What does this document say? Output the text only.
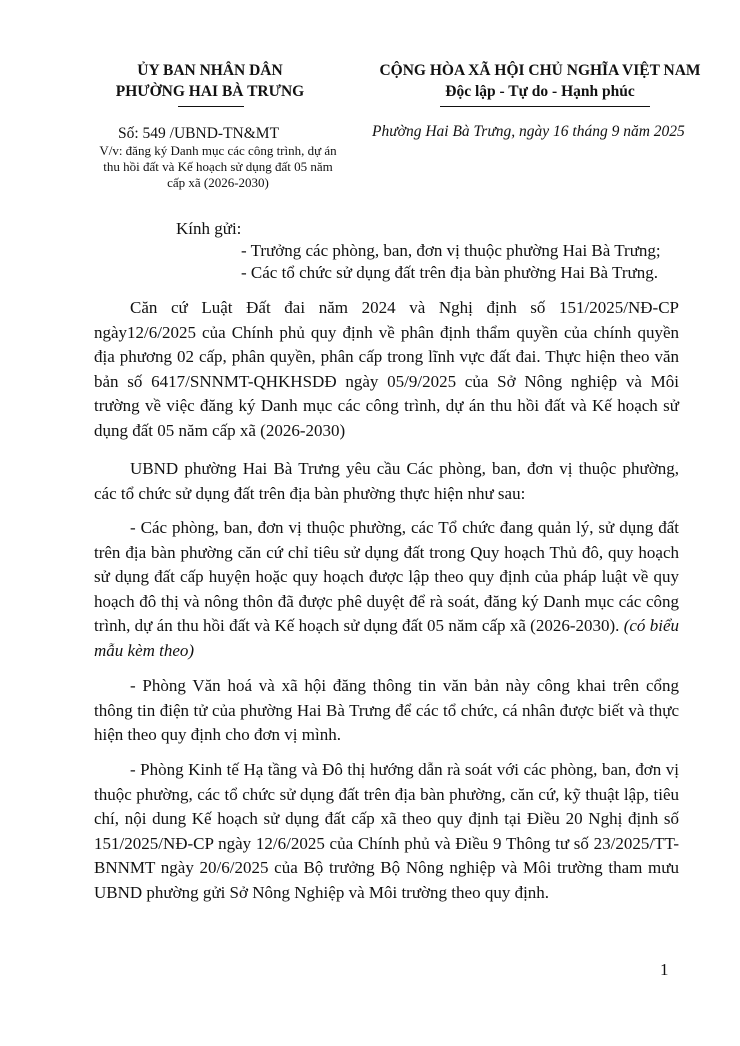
ỦY BAN NHÂN DÂN
PHƯỜNG HAI BÀ TRƯNG
CỘNG HÒA XÃ HỘI CHỦ NGHĨA VIỆT NAM
Độc lập - Tự do - Hạnh phúc
Số: 549 /UBND-TN&MT
V/v: đăng ký Danh mục các công trình, dự án
thu hồi đất và Kế hoạch sử dụng đất 05 năm
cấp xã (2026-2030)
Phường Hai Bà Trưng, ngày 16 tháng 9 năm 2025
Kính gửi:
- Trưởng các phòng, ban, đơn vị thuộc phường Hai Bà Trưng;
- Các tổ chức sử dụng đất trên địa bàn phường Hai Bà Trưng.
Căn cứ Luật Đất đai năm 2024 và Nghị định số 151/2025/NĐ-CP ngày12/6/2025 của Chính phủ quy định về phân định thẩm quyền của chính quyền địa phương 02 cấp, phân quyền, phân cấp trong lĩnh vực đất đai. Thực hiện theo văn bản số 6417/SNNMT-QHKHSDĐ ngày 05/9/2025 của Sở Nông nghiệp và Môi trường về việc đăng ký Danh mục các công trình, dự án thu hồi đất và Kế hoạch sử dụng đất 05 năm cấp xã (2026-2030)
UBND phường Hai Bà Trưng yêu cầu Các phòng, ban, đơn vị thuộc phường, các tổ chức sử dụng đất trên địa bàn phường thực hiện như sau:
- Các phòng, ban, đơn vị thuộc phường, các Tổ chức đang quản lý, sử dụng đất trên địa bàn phường căn cứ chỉ tiêu sử dụng đất trong Quy hoạch Thủ đô, quy hoạch sử dụng đất cấp huyện hoặc quy hoạch được lập theo quy định của pháp luật về quy hoạch đô thị và nông thôn đã được phê duyệt để rà soát, đăng ký Danh mục các công trình, dự án thu hồi đất và Kế hoạch sử dụng đất 05 năm cấp xã (2026-2030). (có biểu mẫu kèm theo)
- Phòng Văn hoá và xã hội đăng thông tin văn bản này công khai trên cổng thông tin điện tử của phường Hai Bà Trưng để các tổ chức, cá nhân được biết và thực hiện theo quy định cho đơn vị mình.
- Phòng Kinh tế Hạ tầng và Đô thị hướng dẫn rà soát với các phòng, ban, đơn vị thuộc phường, các tổ chức sử dụng đất trên địa bàn phường, căn cứ, kỹ thuật lập, tiêu chí, nội dung Kế hoạch sử dụng đất cấp xã theo quy định tại Điều 20 Nghị định số 151/2025/NĐ-CP ngày 12/6/2025 của Chính phủ và Điều 9 Thông tư số 23/2025/TT-BNNMT ngày 20/6/2025 của Bộ trưởng Bộ Nông nghiệp và Môi trường tham mưu UBND phường gửi Sở Nông Nghiệp và Môi trường theo quy định.
1
